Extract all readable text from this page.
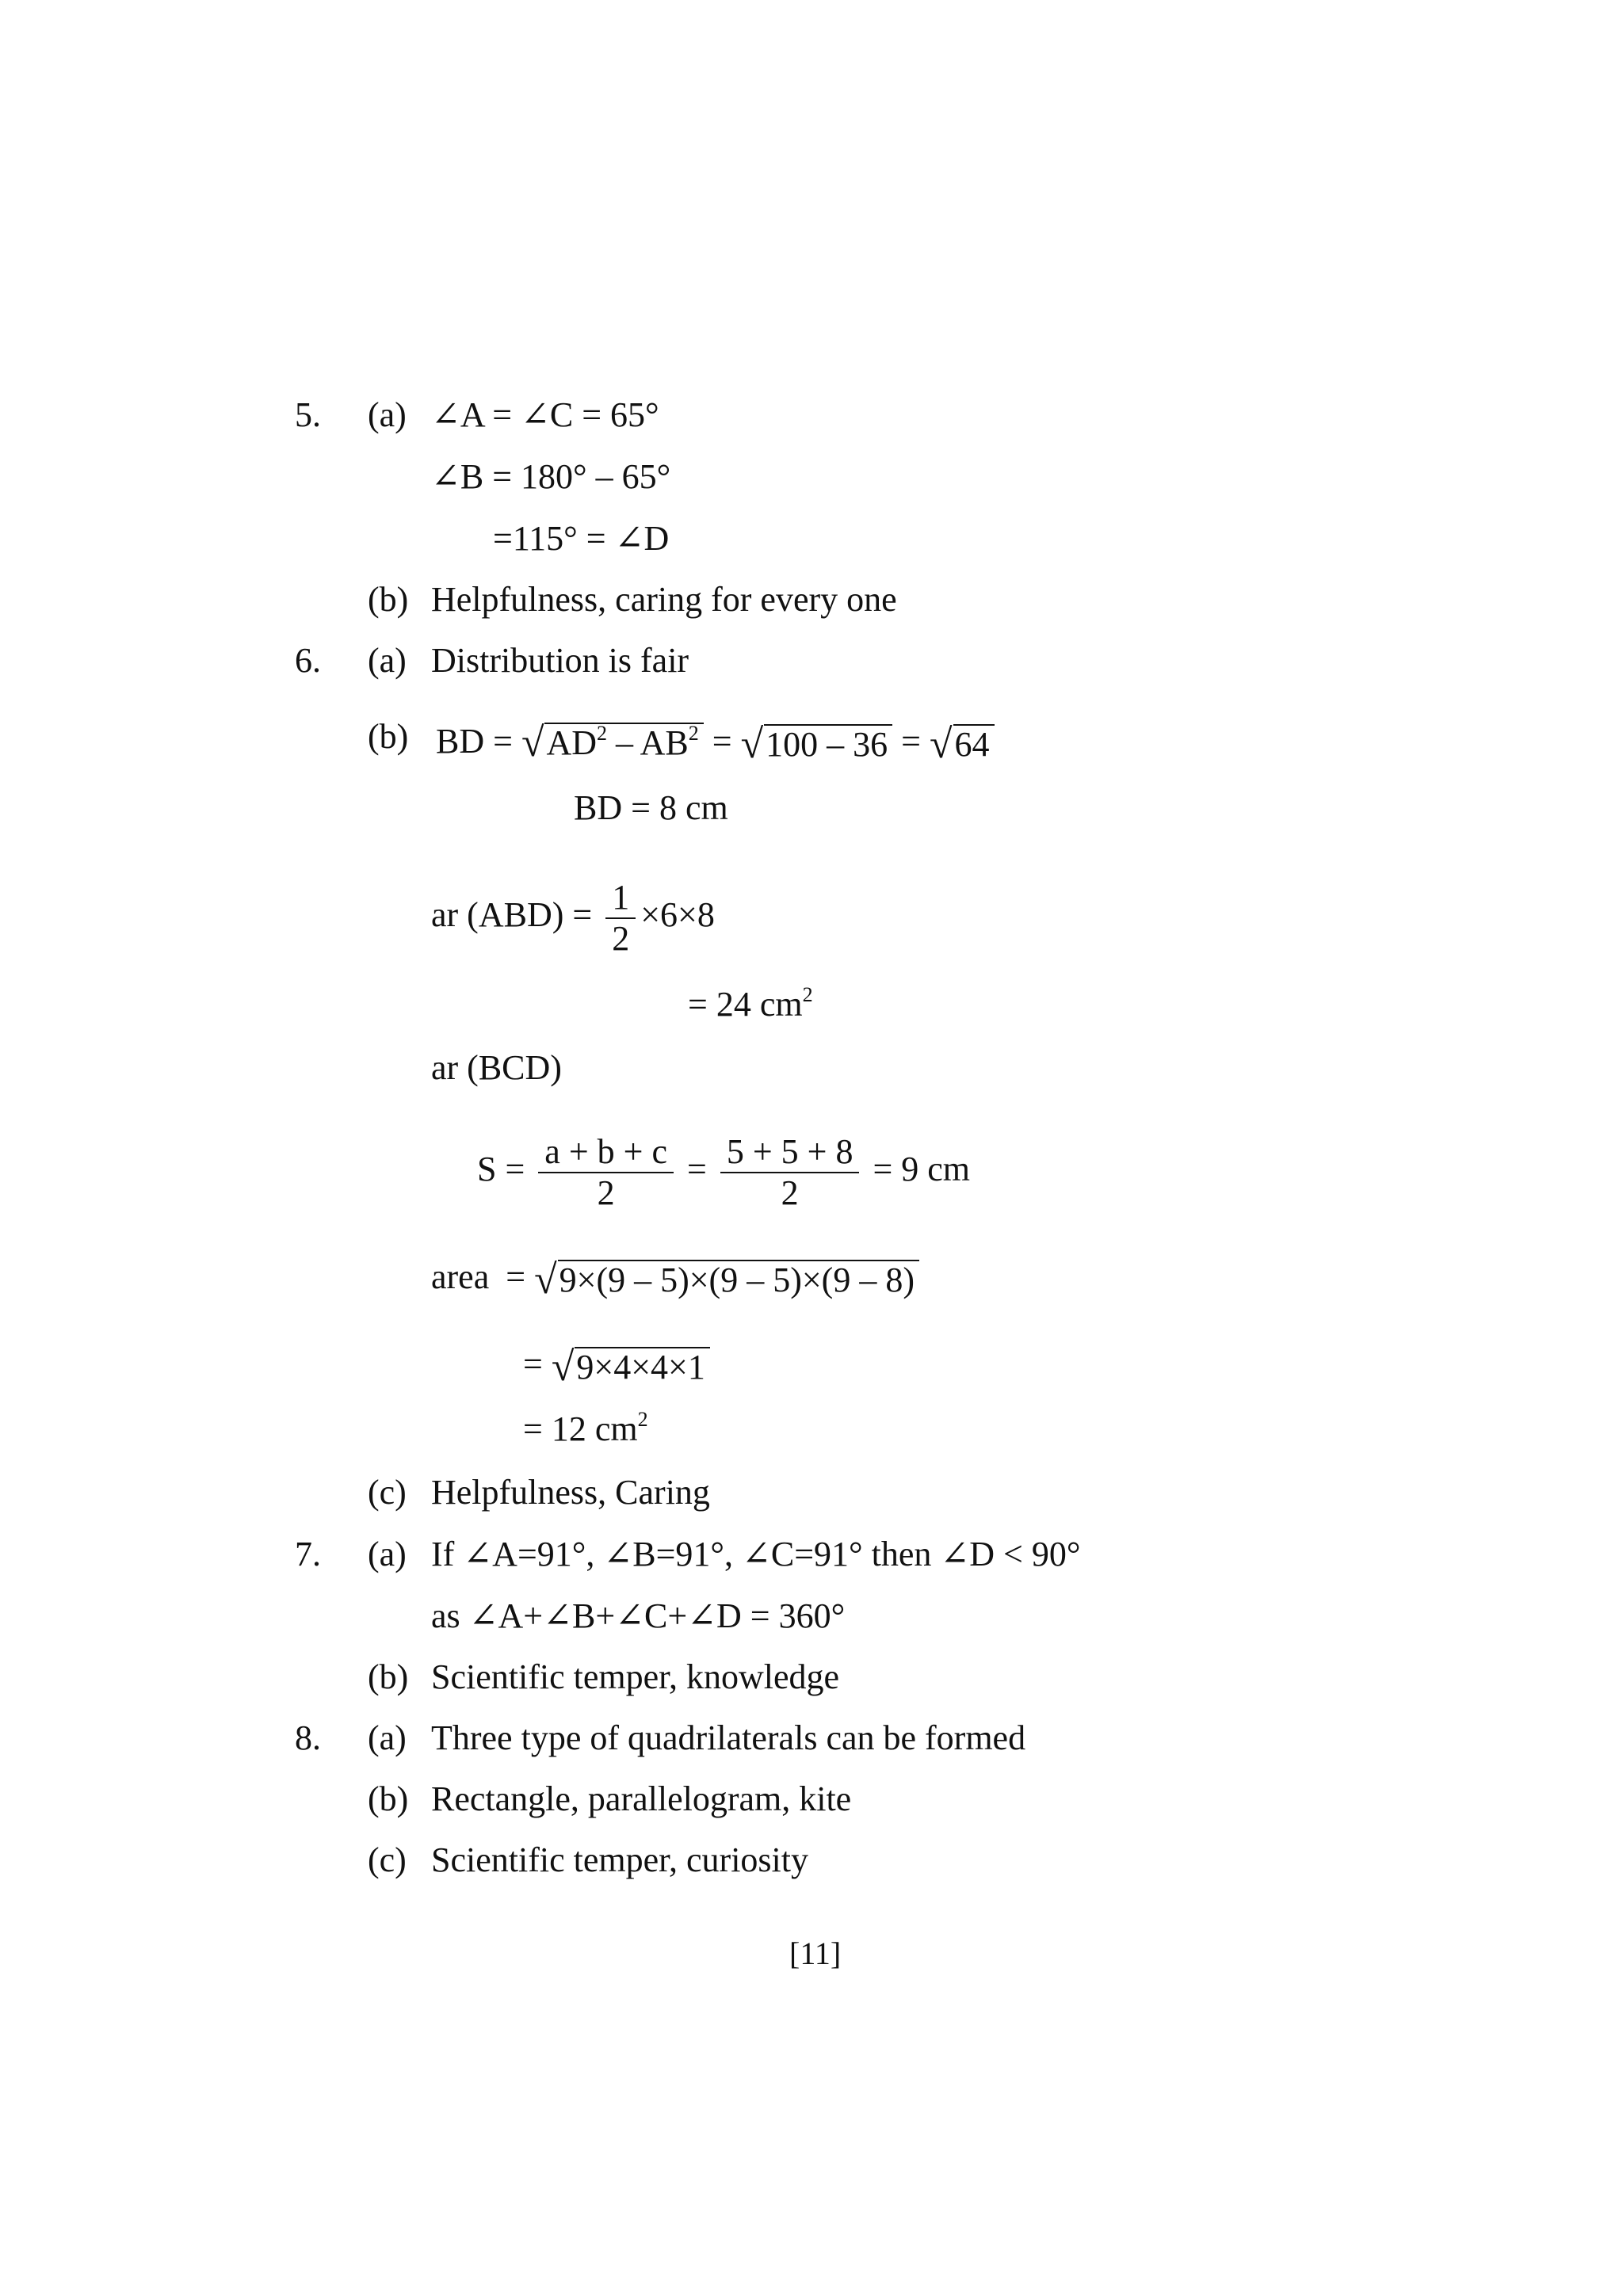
5. (a) ∠A = ∠C = 65°
∠B = 180° – 65°
=115° = ∠D
(b) Helpfulness, caring for every one
6. (a) Distribution is fair
(b) BD = √ $AD^2 - AB^2$ = √ 100 – 36 = √ 64
BD = 8 cm
ar $(ABD) = \frac{1}{2} \times 6\times 8$
= 24 $cm^2$
ar (BCD)
$S = \frac{a + b + c}{2} = \frac{5 + 5 + 8}{2} = 9$ cm
area = √ 9×(9 – 5)×(9 – 5)×(9 – 8)
= √ 9×4×4×1
= 12 $cm^2$
(c) Helpfulness, Caring
7. (a) If ∠A=91°, ∠B=91°, ∠C=91° then ∠D < 90°
as ∠A+∠B+∠C+∠D = 360°
(b) Scientific temper, knowledge
8. (a) Three type of quadrilaterals can be formed
(b) Rectangle, parallelogram, kite
(c) Scientific temper, curiosity
[11]
